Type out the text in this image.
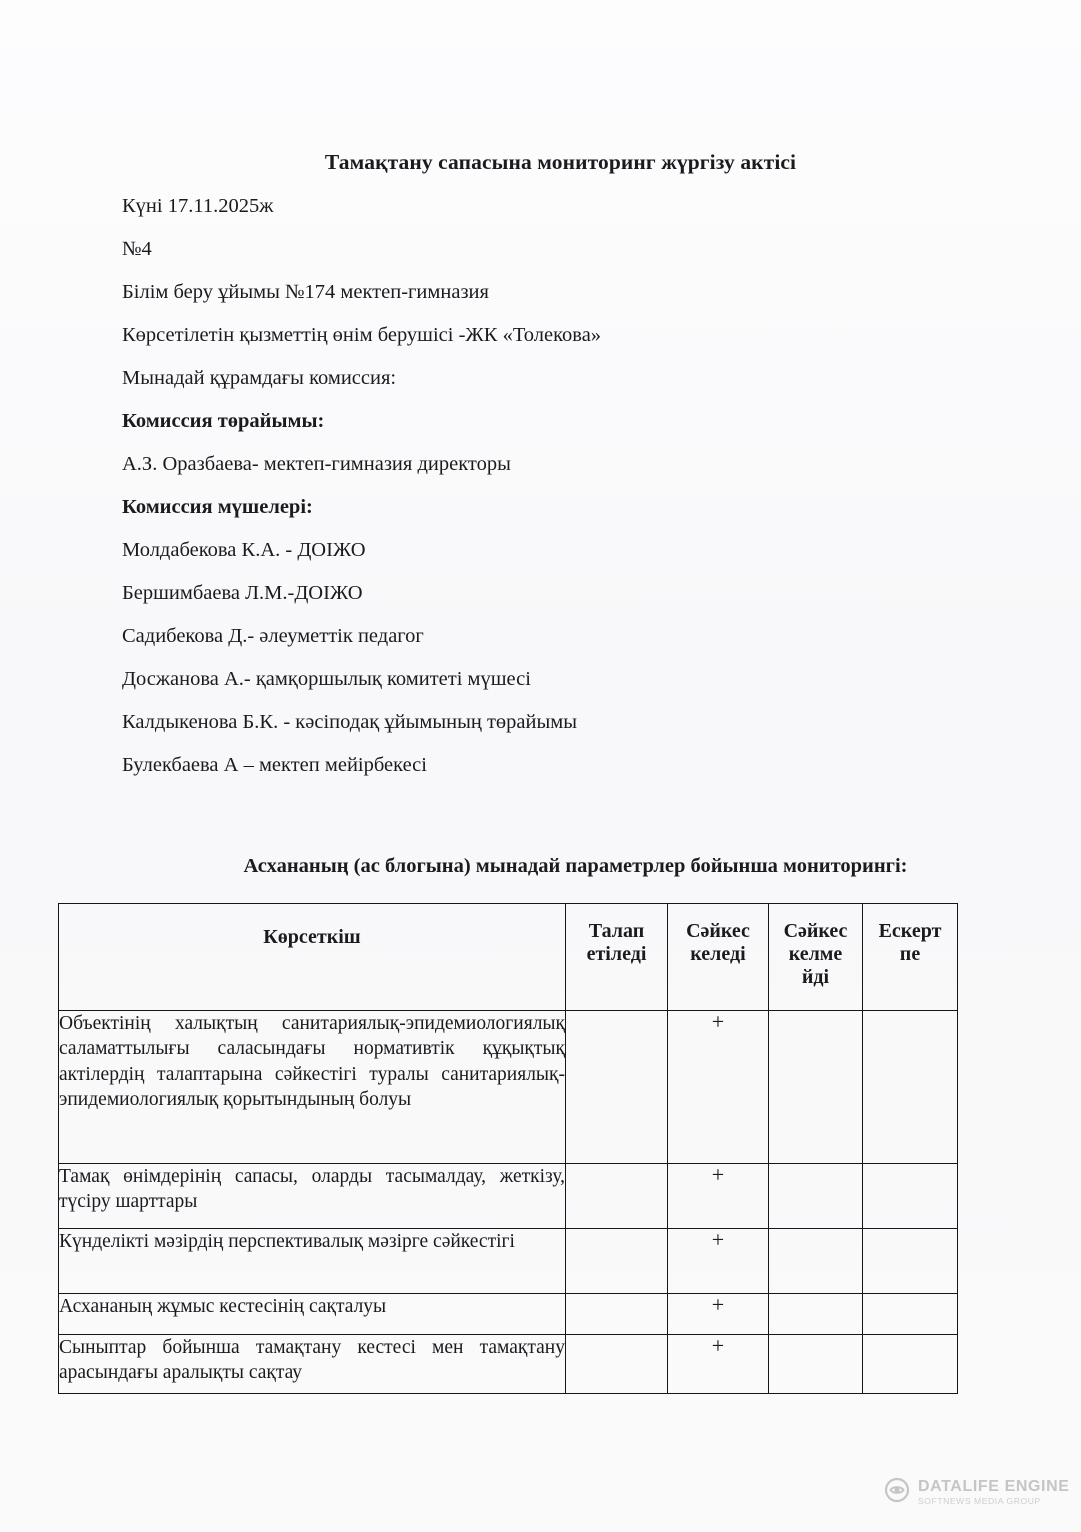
Тамақтану сапасына мониторинг жүргізу актісі
Күні 17.11.2025ж
№4
Білім беру ұйымы №174 мектеп-гимназия
Көрсетілетін қызметтің өнім берушісі -ЖК «Толекова»
Мынадай құрамдағы комиссия:
Комиссия төрайымы:
А.З. Оразбаева- мектеп-гимназия директоры
Комиссия мүшелері:
Молдабекова К.А. - ДОІЖО
Бершимбаева Л.М.-ДОІЖО
Садибекова Д.- әлеуметтік педагог
Досжанова А.- қамқоршылық комитеті мүшесі
Калдыкенова Б.К. - кәсіподақ ұйымының төрайымы
Булекбаева А – мектеп мейірбекесі
Асхананың (ас блогына) мынадай параметрлер бойынша мониторингі:
Көрсеткіш	Талап етіледі	Сәйкес келеді	Сәйкес келме йді	Ескерт пе
Объектінің халықтың санитариялық-эпидемиологиялық саламаттылығы саласындағы нормативтік құқықтық актілердің талаптарына сәйкестігі туралы санитариялық-эпидемиологиялық қорытындының болуы		+		
Тамақ өнімдерінің сапасы, оларды тасымалдау, жеткізу, түсіру шарттары		+		
Күнделікті мәзірдің перспективалық мәзірге сәйкестігі		+		
Асхананың жұмыс кестесінің сақталуы		+		
Сыныптар бойынша тамақтану кестесі мен тамақтану арасындағы аралықты сақтау		+		
DATALIFE ENGINE
SOFTNEWS MEDIA GROUP
